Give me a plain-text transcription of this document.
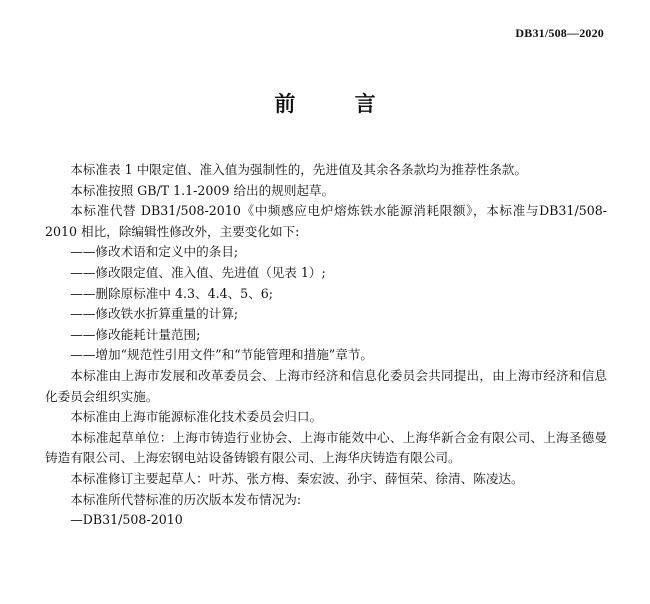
DB31/508—2020
前 言

本标准表 1 中限定值、准入值为强制性的，先进值及其余各条款均为推荐性条款。

本标准按照 GB/T 1.1-2009 给出的规则起草。

本标准代替 DB31/508-2010《中频感应电炉熔炼铁水能源消耗限额》，本标准与DB31/508-2010 相比，除编辑性修改外，主要变化如下:

——修改术语和定义中的条目;

——修改限定值、准入值、先进值（见表 1）;

——删除原标准中 4.3、4.4、5、6;

——修改铁水折算重量的计算;

——修改能耗计量范围;

——增加“规范性引用文件”和“节能管理和措施”章节。

本标准由上海市发展和改革委员会、上海市经济和信息化委员会共同提出，由上海市经济和信息化委员会组织实施。

本标准由上海市能源标准化技术委员会归口。

本标准起草单位：上海市铸造行业协会、上海市能效中心、上海华新合金有限公司、上海圣德曼铸造有限公司、上海宏钢电站设备铸锻有限公司、上海华庆铸造有限公司。

本标准修订主要起草人：叶苏、张方梅、秦宏波、孙宇、薛恒荣、徐清、陈凌达。

本标准所代替标准的历次版本发布情况为:

—DB31/508-2010
